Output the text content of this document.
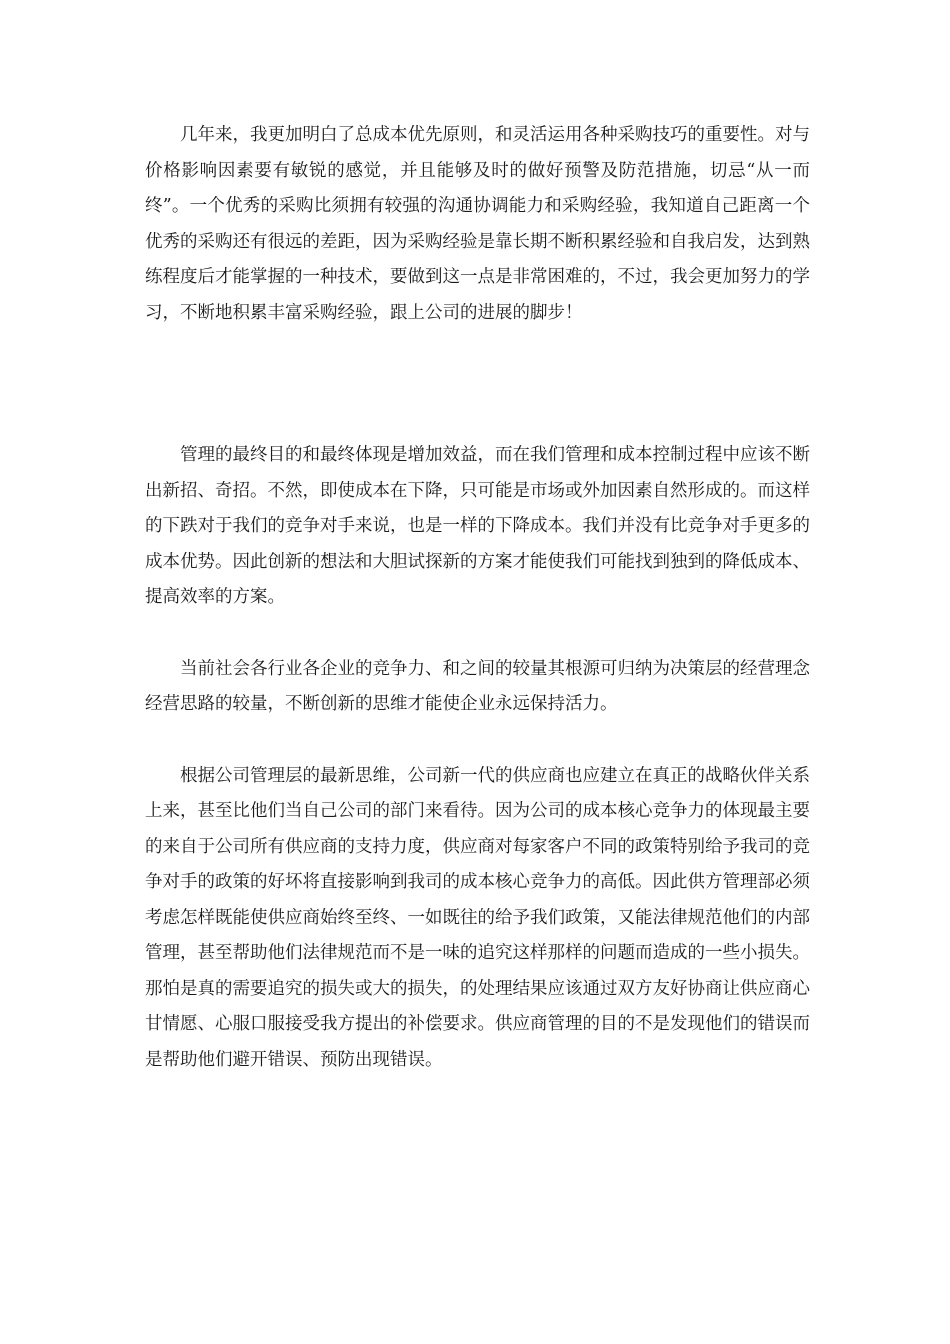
几年来，我更加明白了总成本优先原则，和灵活运用各种采购技巧的重要性。对与价格影响因素要有敏锐的感觉，并且能够及时的做好预警及防范措施，切忌“从一而终”。一个优秀的采购比须拥有较强的沟通协调能力和采购经验，我知道自己距离一个优秀的采购还有很远的差距，因为采购经验是靠长期不断积累经验和自我启发，达到熟练程度后才能掌握的一种技术，要做到这一点是非常困难的，不过，我会更加努力的学习，不断地积累丰富采购经验，跟上公司的进展的脚步！

管理的最终目的和最终体现是增加效益，而在我们管理和成本控制过程中应该不断出新招、奇招。不然，即使成本在下降，只可能是市场或外加因素自然形成的。而这样的下跌对于我们的竞争对手来说，也是一样的下降成本。我们并没有比竞争对手更多的成本优势。因此创新的想法和大胆试探新的方案才能使我们可能找到独到的降低成本、提高效率的方案。

当前社会各行业各企业的竞争力、和之间的较量其根源可归纳为决策层的经营理念经营思路的较量，不断创新的思维才能使企业永远保持活力。

根据公司管理层的最新思维，公司新一代的供应商也应建立在真正的战略伙伴关系上来，甚至比他们当自己公司的部门来看待。因为公司的成本核心竞争力的体现最主要的来自于公司所有供应商的支持力度，供应商对每家客户不同的政策特别给予我司的竞争对手的政策的好坏将直接影响到我司的成本核心竞争力的高低。因此供方管理部必须考虑怎样既能使供应商始终至终、一如既往的给予我们政策，又能法律规范他们的内部管理，甚至帮助他们法律规范而不是一味的追究这样那样的问题而造成的一些小损失。那怕是真的需要追究的损失或大的损失，的处理结果应该通过双方友好协商让供应商心甘情愿、心服口服接受我方提出的补偿要求。供应商管理的目的不是发现他们的错误而是帮助他们避开错误、预防出现错误。
